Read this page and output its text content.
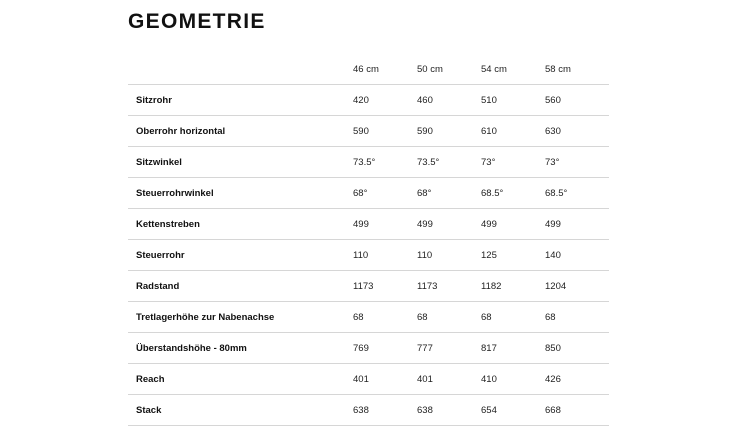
GEOMETRIE
	46 cm	50 cm	54 cm	58 cm
Sitzrohr	420	460	510	560
Oberrohr horizontal	590	590	610	630
Sitzwinkel	73.5°	73.5°	73°	73°
Steuerrohrwinkel	68°	68°	68.5°	68.5°
Kettenstreben	499	499	499	499
Steuerrohr	110	110	125	140
Radstand	1173	1173	1182	1204
Tretlagerhöhe zur Nabenachse	68	68	68	68
Überstandshöhe - 80mm	769	777	817	850
Reach	401	401	410	426
Stack	638	638	654	668
